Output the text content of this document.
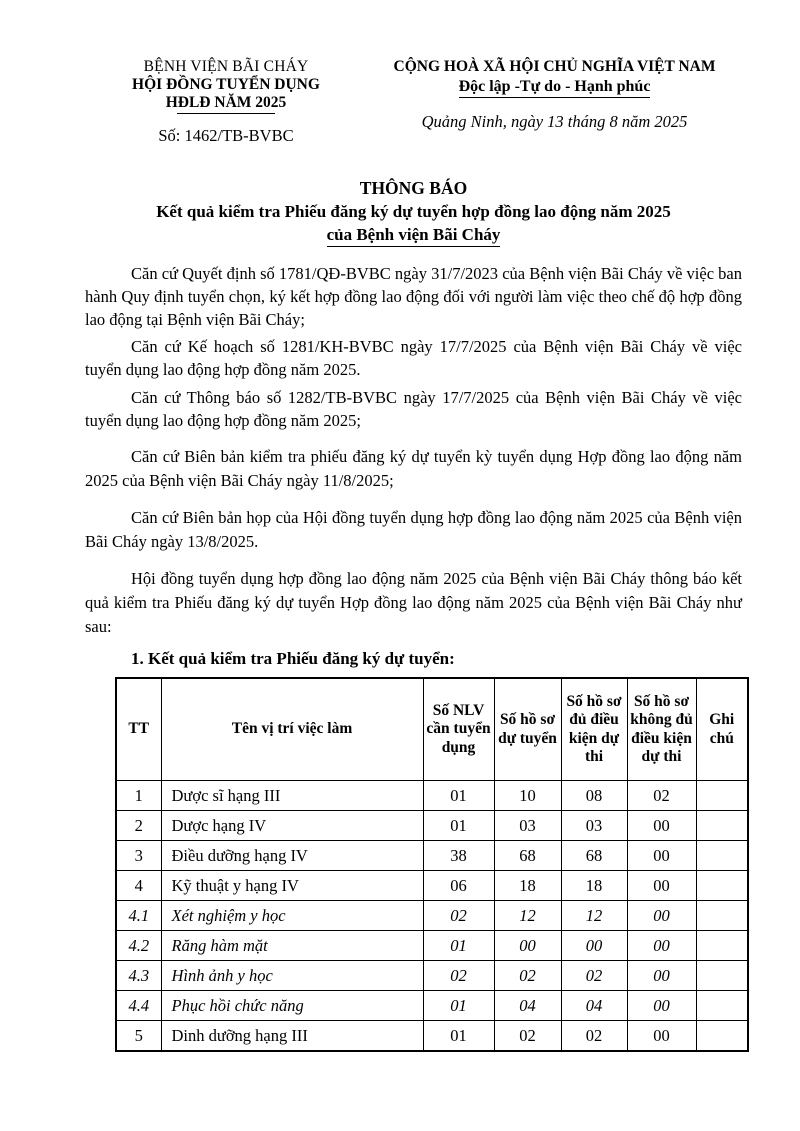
BỆNH VIỆN BÃI CHÁY
HỘI ĐỒNG TUYỂN DỤNG
HĐLĐ NĂM 2025
Số: 1462/TB-BVBC
CỘNG HOÀ XÃ HỘI CHỦ NGHĨA VIỆT NAM
Độc lập -Tự do - Hạnh phúc
Quảng Ninh, ngày 13 tháng 8 năm 2025
THÔNG BÁO
Kết quả kiểm tra Phiếu đăng ký dự tuyển hợp đồng lao động năm 2025
của Bệnh viện Bãi Cháy

Căn cứ Quyết định số 1781/QĐ-BVBC ngày 31/7/2023 của Bệnh viện Bãi Cháy về việc ban hành Quy định tuyển chọn, ký kết hợp đồng lao động đối với người làm việc theo chế độ hợp đồng lao động tại Bệnh viện Bãi Cháy;

Căn cứ Kế hoạch số 1281/KH-BVBC ngày 17/7/2025 của Bệnh viện Bãi Cháy về việc tuyển dụng lao động hợp đồng năm 2025.

Căn cứ Thông báo số 1282/TB-BVBC ngày 17/7/2025 của Bệnh viện Bãi Cháy về việc tuyển dụng lao động hợp đồng năm 2025;

Căn cứ Biên bản kiểm tra phiếu đăng ký dự tuyển kỳ tuyển dụng Hợp đồng lao động năm 2025 của Bệnh viện Bãi Cháy ngày 11/8/2025;

Căn cứ Biên bản họp của Hội đồng tuyển dụng hợp đồng lao động năm 2025 của Bệnh viện Bãi Cháy ngày 13/8/2025.

Hội đồng tuyển dụng hợp đồng lao động năm 2025 của Bệnh viện Bãi Cháy thông báo kết quả kiểm tra Phiếu đăng ký dự tuyển Hợp đồng lao động năm 2025 của Bệnh viện Bãi Cháy như sau:

1. Kết quả kiểm tra Phiếu đăng ký dự tuyển:
TT	Tên vị trí việc làm	Số NLV cần tuyển dụng	Số hồ sơ dự tuyển	Số hồ sơ đủ điều kiện dự thi	Số hồ sơ không đủ điều kiện dự thi	Ghi chú
1	Dược sĩ hạng III	01	10	08	02	
2	Dược hạng IV	01	03	03	00	
3	Điều dưỡng hạng IV	38	68	68	00	
4	Kỹ thuật y hạng IV	06	18	18	00	
4.1	Xét nghiệm y học	02	12	12	00	
4.2	Răng hàm mặt	01	00	00	00	
4.3	Hình ảnh y học	02	02	02	00	
4.4	Phục hồi chức năng	01	04	04	00	
5	Dinh dưỡng hạng III	01	02	02	00	
